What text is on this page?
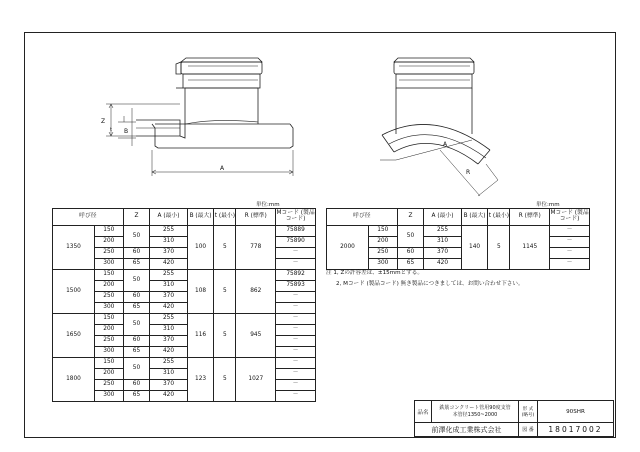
Z
t B
A
A
R
単位:mm
呼び径		Z	A (最小)	B (最大)	t (最小)	R (標準)	Mコード (製品コード)
1350	150	50	255	100	5	778	75889
	200		310				75890
	250	60	370				－
	300	65	420				－
1500	150	50	255	108	5	862	75892
	200		310				75893
	250	60	370				－
	300	65	420				－
1650	150	50	255	116	5	945	－
	200		310				－
	250	60	370				－
	300	65	420				－
1800	150	50	255	123	5	1027	－
	200		310				－
	250	60	370				－
	300	65	420				－
単位:mm
呼び径		Z	A (最小)	B (最大)	t (最小)	R (標準)	Mコード (製品コード)
2000	150	50	255	140	5	1145	－
	200		310				－
	250	60	370				－
	300	65	420				－
注 1, Zの許容差は、±15mmとする。
2, Mコード (製品コード) 無き製品につきましては、お問い合わせ下さい。
品名	鉄筋コンクリート管用90度支管
本管径1350~2000	形 式 (略号)	90SHR
前澤化成工業株式会社		図 番	18017002
